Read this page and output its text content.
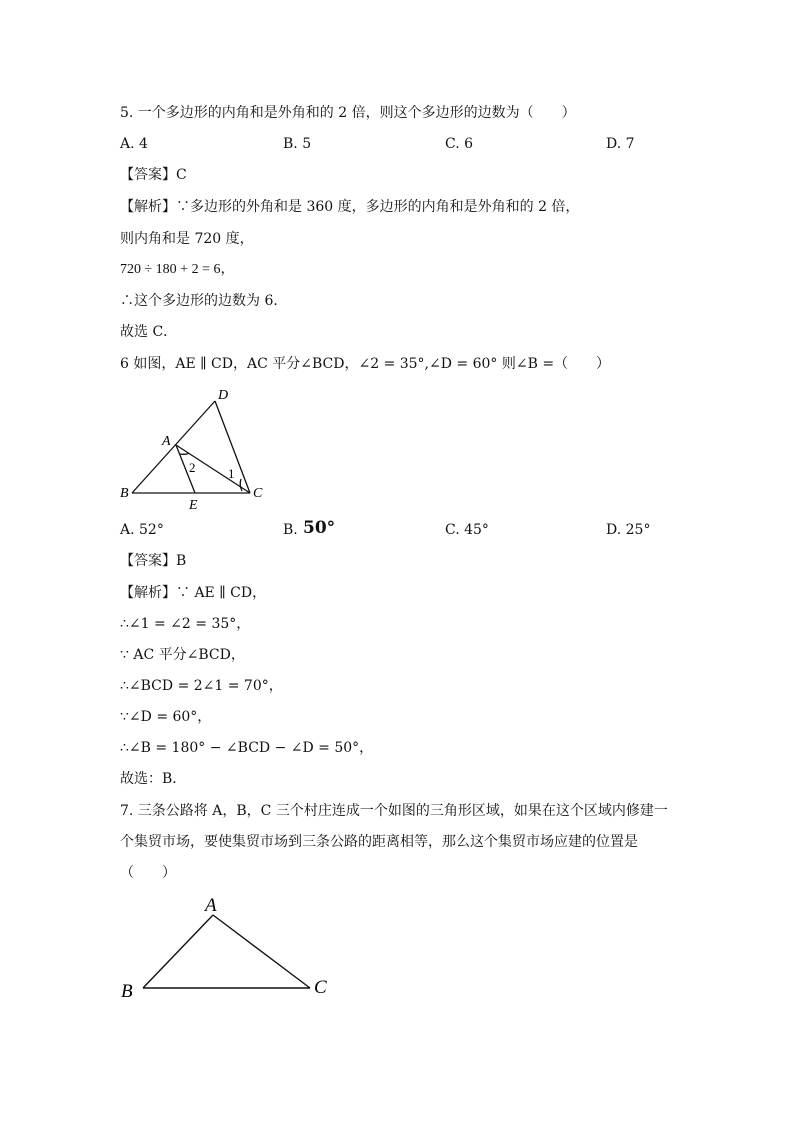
5. 一个多边形的内角和是外角和的 2 倍，则这个多边形的边数为（　　）
A. 4	B. 5	C. 6	D. 7
【答案】C
【解析】∵多边形的外角和是 360 度，多边形的内角和是外角和的 2 倍，
则内角和是 720 度，
720 ÷ 180 + 2 = 6，
∴这个多边形的边数为 6．
故选 C．
6 如图，AE ∥ CD，AC 平分∠BCD，∠2 = 35°,∠D = 60° 则∠B =（　　）
D
A
2	1
B
E
C
A. 52°	B. 50°	C. 45°	D. 25°
【答案】B
【解析】∵ AE ∥ CD，
∴∠1 = ∠2 = 35°，
∵ AC 平分∠BCD，
∴∠BCD = 2∠1 = 70°，
∵∠D = 60°，
∴∠B = 180° − ∠BCD − ∠D = 50°，
故选：B．
7. 三条公路将 A，B，C 三个村庄连成一个如图的三角形区域，如果在这个区域内修建一
个集贸市场，要使集贸市场到三条公路的距离相等，那么这个集贸市场应建的位置是
（　　）
A
B	C
